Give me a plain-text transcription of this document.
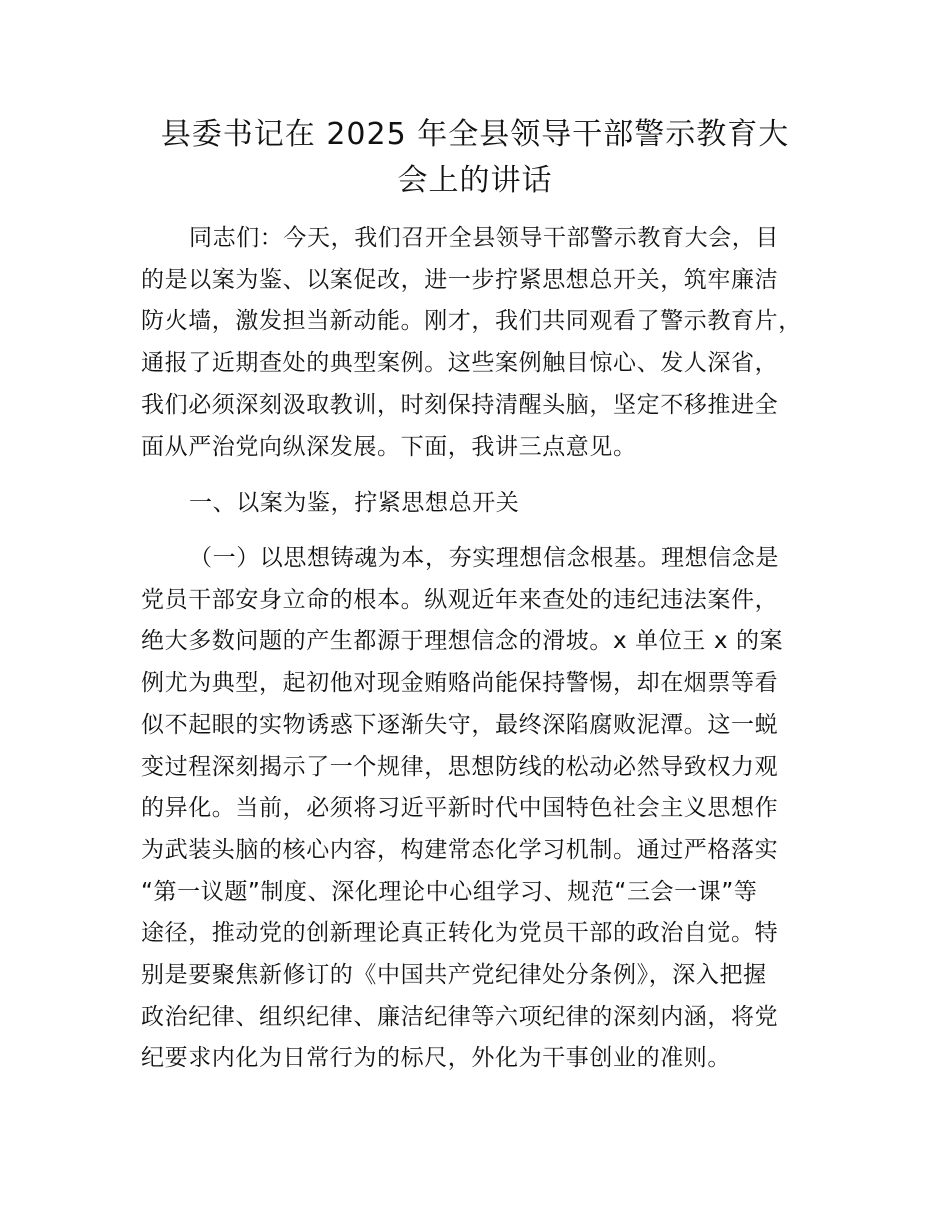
县委书记在 2025 年全县领导干部警示教育大
会上的讲话
同志们：今天，我们召开全县领导干部警示教育大会，目
的是以案为鉴、以案促改，进一步拧紧思想总开关，筑牢廉洁
防火墙，激发担当新动能。刚才，我们共同观看了警示教育片，
通报了近期查处的典型案例。这些案例触目惊心、发人深省，
我们必须深刻汲取教训，时刻保持清醒头脑，坚定不移推进全
面从严治党向纵深发展。下面，我讲三点意见。
一、以案为鉴，拧紧思想总开关
（一）以思想铸魂为本，夯实理想信念根基。理想信念是
党员干部安身立命的根本。纵观近年来查处的违纪违法案件，
绝大多数问题的产生都源于理想信念的滑坡。x 单位王 x 的案
例尤为典型，起初他对现金贿赂尚能保持警惕，却在烟票等看
似不起眼的实物诱惑下逐渐失守，最终深陷腐败泥潭。这一蜕
变过程深刻揭示了一个规律，思想防线的松动必然导致权力观
的异化。当前，必须将习近平新时代中国特色社会主义思想作
为武装头脑的核心内容，构建常态化学习机制。通过严格落实
“第一议题”制度、深化理论中心组学习、规范“三会一课”等
途径，推动党的创新理论真正转化为党员干部的政治自觉。特
别是要聚焦新修订的《中国共产党纪律处分条例》，深入把握
政治纪律、组织纪律、廉洁纪律等六项纪律的深刻内涵，将党
纪要求内化为日常行为的标尺，外化为干事创业的准则。
